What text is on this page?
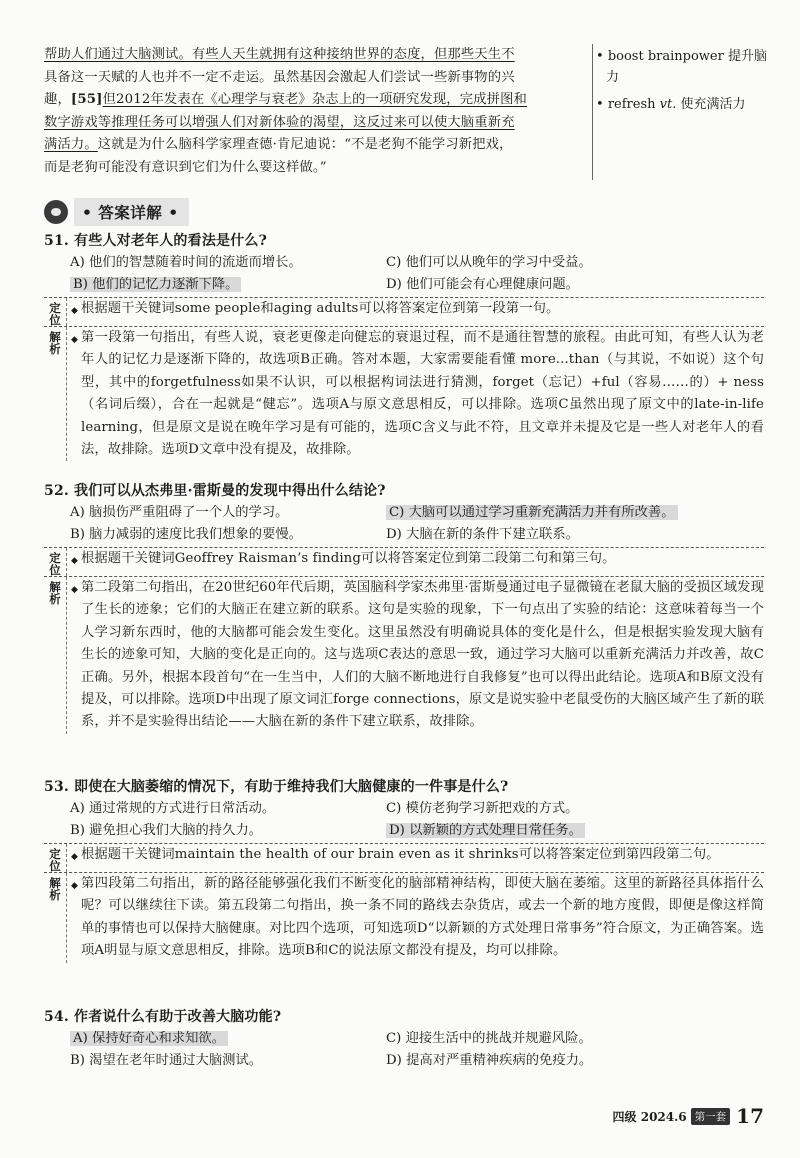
帮助人们通过大脑测试。有些人天生就拥有这种接纳世界的态度，但那些天生不
具备这一天赋的人也并不一定不走运。虽然基因会激起人们尝试一些新事物的兴
趣，[55]但2012年发表在《心理学与衰老》杂志上的一项研究发现，完成拼图和
数字游戏等推理任务可以增强人们对新体验的渴望，这反过来可以使大脑重新充
满活力。这就是为什么脑科学家理查德·肯尼迪说：“不是老狗不能学习新把戏，
而是老狗可能没有意识到它们为什么要这样做。”
• boost brainpower 提升脑力
• refresh vt. 使充满活力
• 答案详解 •
51. 有些人对老年人的看法是什么?
A) 他们的智慧随着时间的流逝而增长。	C) 他们可以从晚年的学习中受益。
B) 他们的记忆力逐渐下降。	D) 他们可能会有心理健康问题。
定
位
◆ 根据题干关键词some people和aging adults可以将答案定位到第一段第一句。
解
析
◆ 第一段第一句指出，有些人说，衰老更像走向健忘的衰退过程，而不是通往智慧的旅程。由此可知，有些人认为老年人的记忆力是逐渐下降的，故选项B正确。答对本题，大家需要能看懂 more...than（与其说，不如说）这个句型，其中的forgetfulness如果不认识，可以根据构词法进行猜测，forget（忘记）+ful（容易……的）+ ness（名词后缀），合在一起就是“健忘”。选项A与原文意思相反，可以排除。选项C虽然出现了原文中的late-in-life learning，但是原文是说在晚年学习是有可能的，选项C含义与此不符，且文章并未提及它是一些人对老年人的看法，故排除。选项D文章中没有提及，故排除。
52. 我们可以从杰弗里·雷斯曼的发现中得出什么结论?
A) 脑损伤严重阻碍了一个人的学习。	C) 大脑可以通过学习重新充满活力并有所改善。
B) 脑力减弱的速度比我们想象的要慢。	D) 大脑在新的条件下建立联系。
定
位
◆ 根据题干关键词Geoffrey Raisman’s finding可以将答案定位到第二段第二句和第三句。
解
析
◆ 第二段第二句指出，在20世纪60年代后期，英国脑科学家杰弗里·雷斯曼通过电子显微镜在老鼠大脑的受损区域发现了生长的迹象；它们的大脑正在建立新的联系。这句是实验的现象，下一句点出了实验的结论：这意味着每当一个人学习新东西时，他的大脑都可能会发生变化。这里虽然没有明确说具体的变化是什么，但是根据实验发现大脑有生长的迹象可知，大脑的变化是正向的。这与选项C表达的意思一致，通过学习大脑可以重新充满活力并改善，故C正确。另外，根据本段首句“在一生当中，人们的大脑不断地进行自我修复”也可以得出此结论。选项A和B原文没有提及，可以排除。选项D中出现了原文词汇forge connections，原文是说实验中老鼠受伤的大脑区域产生了新的联系，并不是实验得出结论——大脑在新的条件下建立联系，故排除。
53. 即使在大脑萎缩的情况下，有助于维持我们大脑健康的一件事是什么?
A) 通过常规的方式进行日常活动。	C) 模仿老狗学习新把戏的方式。
B) 避免担心我们大脑的持久力。	D) 以新颖的方式处理日常任务。
定
位
◆ 根据题干关键词maintain the health of our brain even as it shrinks可以将答案定位到第四段第二句。
解
析
◆ 第四段第二句指出，新的路径能够强化我们不断变化的脑部精神结构，即使大脑在萎缩。这里的新路径具体指什么呢？可以继续往下读。第五段第二句指出，换一条不同的路线去杂货店，或去一个新的地方度假，即便是像这样简单的事情也可以保持大脑健康。对比四个选项，可知选项D“以新颖的方式处理日常事务”符合原文，为正确答案。选项A明显与原文意思相反，排除。选项B和C的说法原文都没有提及，均可以排除。
54. 作者说什么有助于改善大脑功能?
A) 保持好奇心和求知欲。	C) 迎接生活中的挑战并规避风险。
B) 渴望在老年时通过大脑测试。	D) 提高对严重精神疾病的免疫力。
四级 2024.6 第一套 17
